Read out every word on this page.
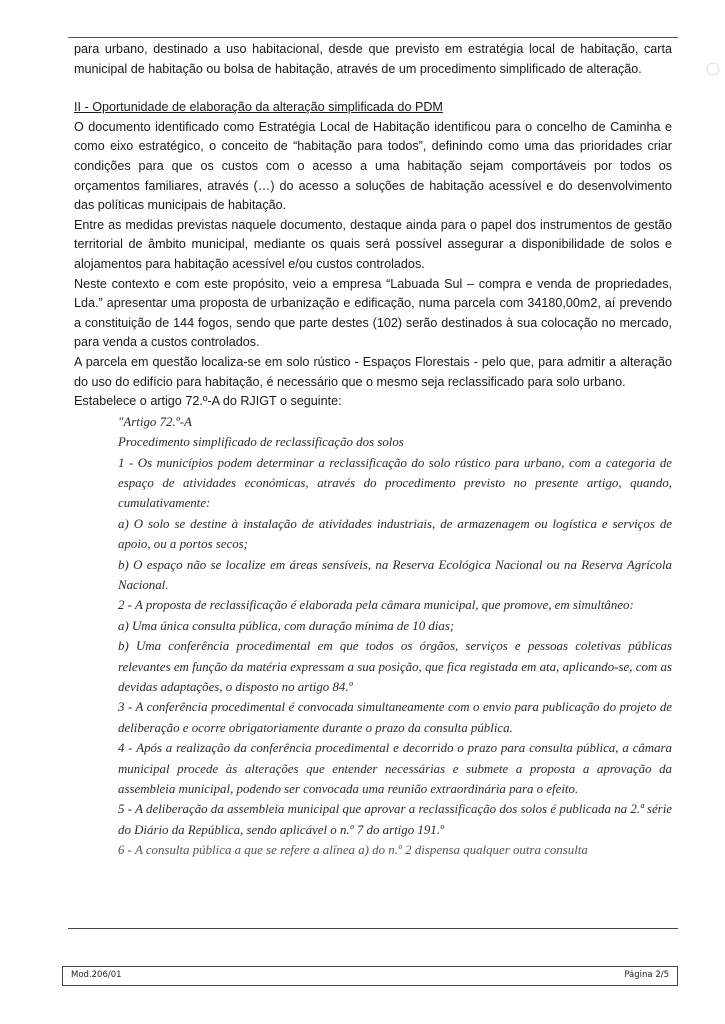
para urbano, destinado a uso habitacional, desde que previsto em estratégia local de habitação, carta municipal de habitação ou bolsa de habitação, através de um procedimento simplificado de alteração.

II - Oportunidade de elaboração da alteração simplificada do PDM

O documento identificado como Estratégia Local de Habitação identificou para o concelho de Caminha e como eixo estratégico, o conceito de “habitação para todos”, definindo como uma das prioridades criar condições para que os custos com o acesso a uma habitação sejam comportáveis por todos os orçamentos familiares, através (…) do acesso a soluções de habitação acessível e do desenvolvimento das políticas municipais de habitação.

Entre as medidas previstas naquele documento, destaque ainda para o papel dos instrumentos de gestão territorial de âmbito municipal, mediante os quais será possível assegurar a disponibilidade de solos e alojamentos para habitação acessível e/ou custos controlados.

Neste contexto e com este propósito, veio a empresa “Labuada Sul – compra e venda de propriedades, Lda.” apresentar uma proposta de urbanização e edificação, numa parcela com 34180,00m2, aí prevendo a constituição de 144 fogos, sendo que parte destes (102) serão destinados à sua colocação no mercado, para venda a custos controlados.

A parcela em questão localiza-se em solo rústico - Espaços Florestais - pelo que, para admitir a alteração do uso do edifício para habitação, é necessário que o mesmo seja reclassificado para solo urbano.

Estabelece o artigo 72.º-A do RJIGT o seguinte:

"Artigo 72.º-A

Procedimento simplificado de reclassificação dos solos

1 - Os municípios podem determinar a reclassificação do solo rústico para urbano, com a categoria de espaço de atividades económicas, através do procedimento previsto no presente artigo, quando, cumulativamente:

a) O solo se destine à instalação de atividades industriais, de armazenagem ou logística e serviços de apoio, ou a portos secos;

b) O espaço não se localize em áreas sensíveis, na Reserva Ecológica Nacional ou na Reserva Agrícola Nacional.

2 - A proposta de reclassificação é elaborada pela câmara municipal, que promove, em simultâneo:

a) Uma única consulta pública, com duração mínima de 10 dias;

b) Uma conferência procedimental em que todos os órgãos, serviços e pessoas coletivas públicas relevantes em função da matéria expressam a sua posição, que fica registada em ata, aplicando-se, com as devidas adaptações, o disposto no artigo 84.º

3 - A conferência procedimental é convocada simultaneamente com o envio para publicação do projeto de deliberação e ocorre obrigatoriamente durante o prazo da consulta pública.

4 - Após a realização da conferência procedimental e decorrido o prazo para consulta pública, a câmara municipal procede às alterações que entender necessárias e submete a proposta a aprovação da assembleia municipal, podendo ser convocada uma reunião extraordinária para o efeito.

5 - A deliberação da assembleia municipal que aprovar a reclassificação dos solos é publicada na 2.ª série do Diário da República, sendo aplicável o n.º 7 do artigo 191.º

6 - A consulta pública a que se refere a alínea a) do n.º 2 dispensa qualquer outra consulta

Mod.206/01	Página 2/5
